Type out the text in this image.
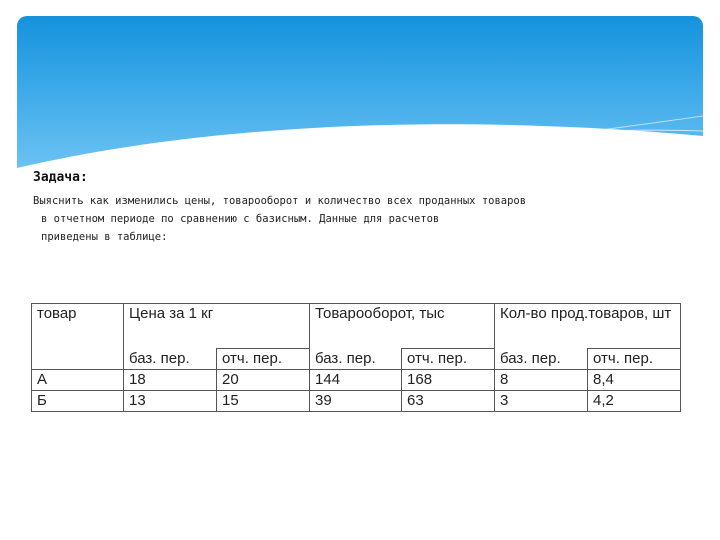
Задача:
Выяснить как изменились цены, товарооборот и количество всех проданных товаров
в отчетном периоде по сравнению с базисным. Данные для расчетов
приведены в таблице:
товар	Цена за 1 кг		Товарооборот, тыс		Кол-во прод.товаров, шт	
	баз. пер.	отч. пер.	баз. пер.	отч. пер.	баз. пер.	отч. пер.
А	18	20	144	168	8	8,4
Б	13	15	39	63	3	4,2
